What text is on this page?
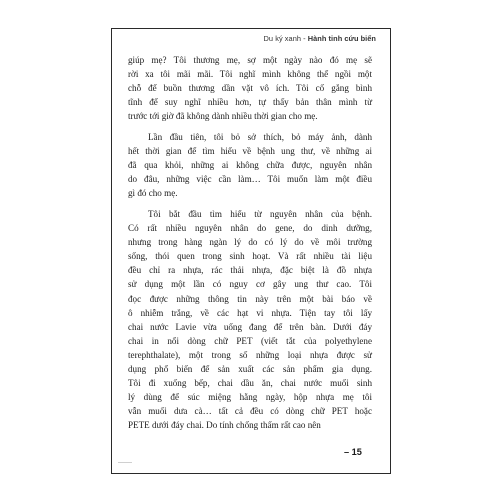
Du ký xanh - Hành tinh cứu biển

giúp mẹ? Tôi thương mẹ, sợ một ngày nào đó mẹ sẽ
rời xa tôi mãi mãi. Tôi nghĩ mình không thể ngồi một
chỗ để buồn thương dần vặt vô ích. Tôi cố gắng bình
tĩnh để suy nghĩ nhiều hơn, tự thấy bản thân mình từ
trước tới giờ đã không dành nhiều thời gian cho mẹ.

Lần đầu tiên, tôi bỏ sở thích, bỏ máy ảnh, dành
hết thời gian để tìm hiểu về bệnh ung thư, về những ai
đã qua khỏi, những ai không chữa được, nguyên nhân
do đâu, những việc cần làm… Tôi muốn làm một điều
gì đó cho mẹ.

Tôi bắt đầu tìm hiểu từ nguyên nhân của bệnh.
Có rất nhiều nguyên nhân do gene, do dinh dưỡng,
nhưng trong hàng ngàn lý do có lý do về môi trường
sống, thói quen trong sinh hoạt. Và rất nhiều tài liệu
đều chỉ ra nhựa, rác thải nhựa, đặc biệt là đồ nhựa
sử dụng một lần có nguy cơ gây ung thư cao. Tôi
đọc được những thông tin này trên một bài báo về
ô nhiễm trắng, về các hạt vi nhựa. Tiện tay tôi lấy
chai nước Lavie vừa uống đang để trên bàn. Dưới đáy
chai in nổi dòng chữ PET (viết tắt của polyethylene
terephthalate), một trong số những loại nhựa được sử
dụng phổ biến để sản xuất các sản phẩm gia dụng.
Tôi đi xuống bếp, chai dầu ăn, chai nước muối sinh
lý dùng để súc miệng hằng ngày, hộp nhựa mẹ tôi
vẫn muối dưa cà… tất cả đều có dòng chữ PET hoặc
PETE dưới đáy chai. Do tính chống thấm rất cao nên

– 15
